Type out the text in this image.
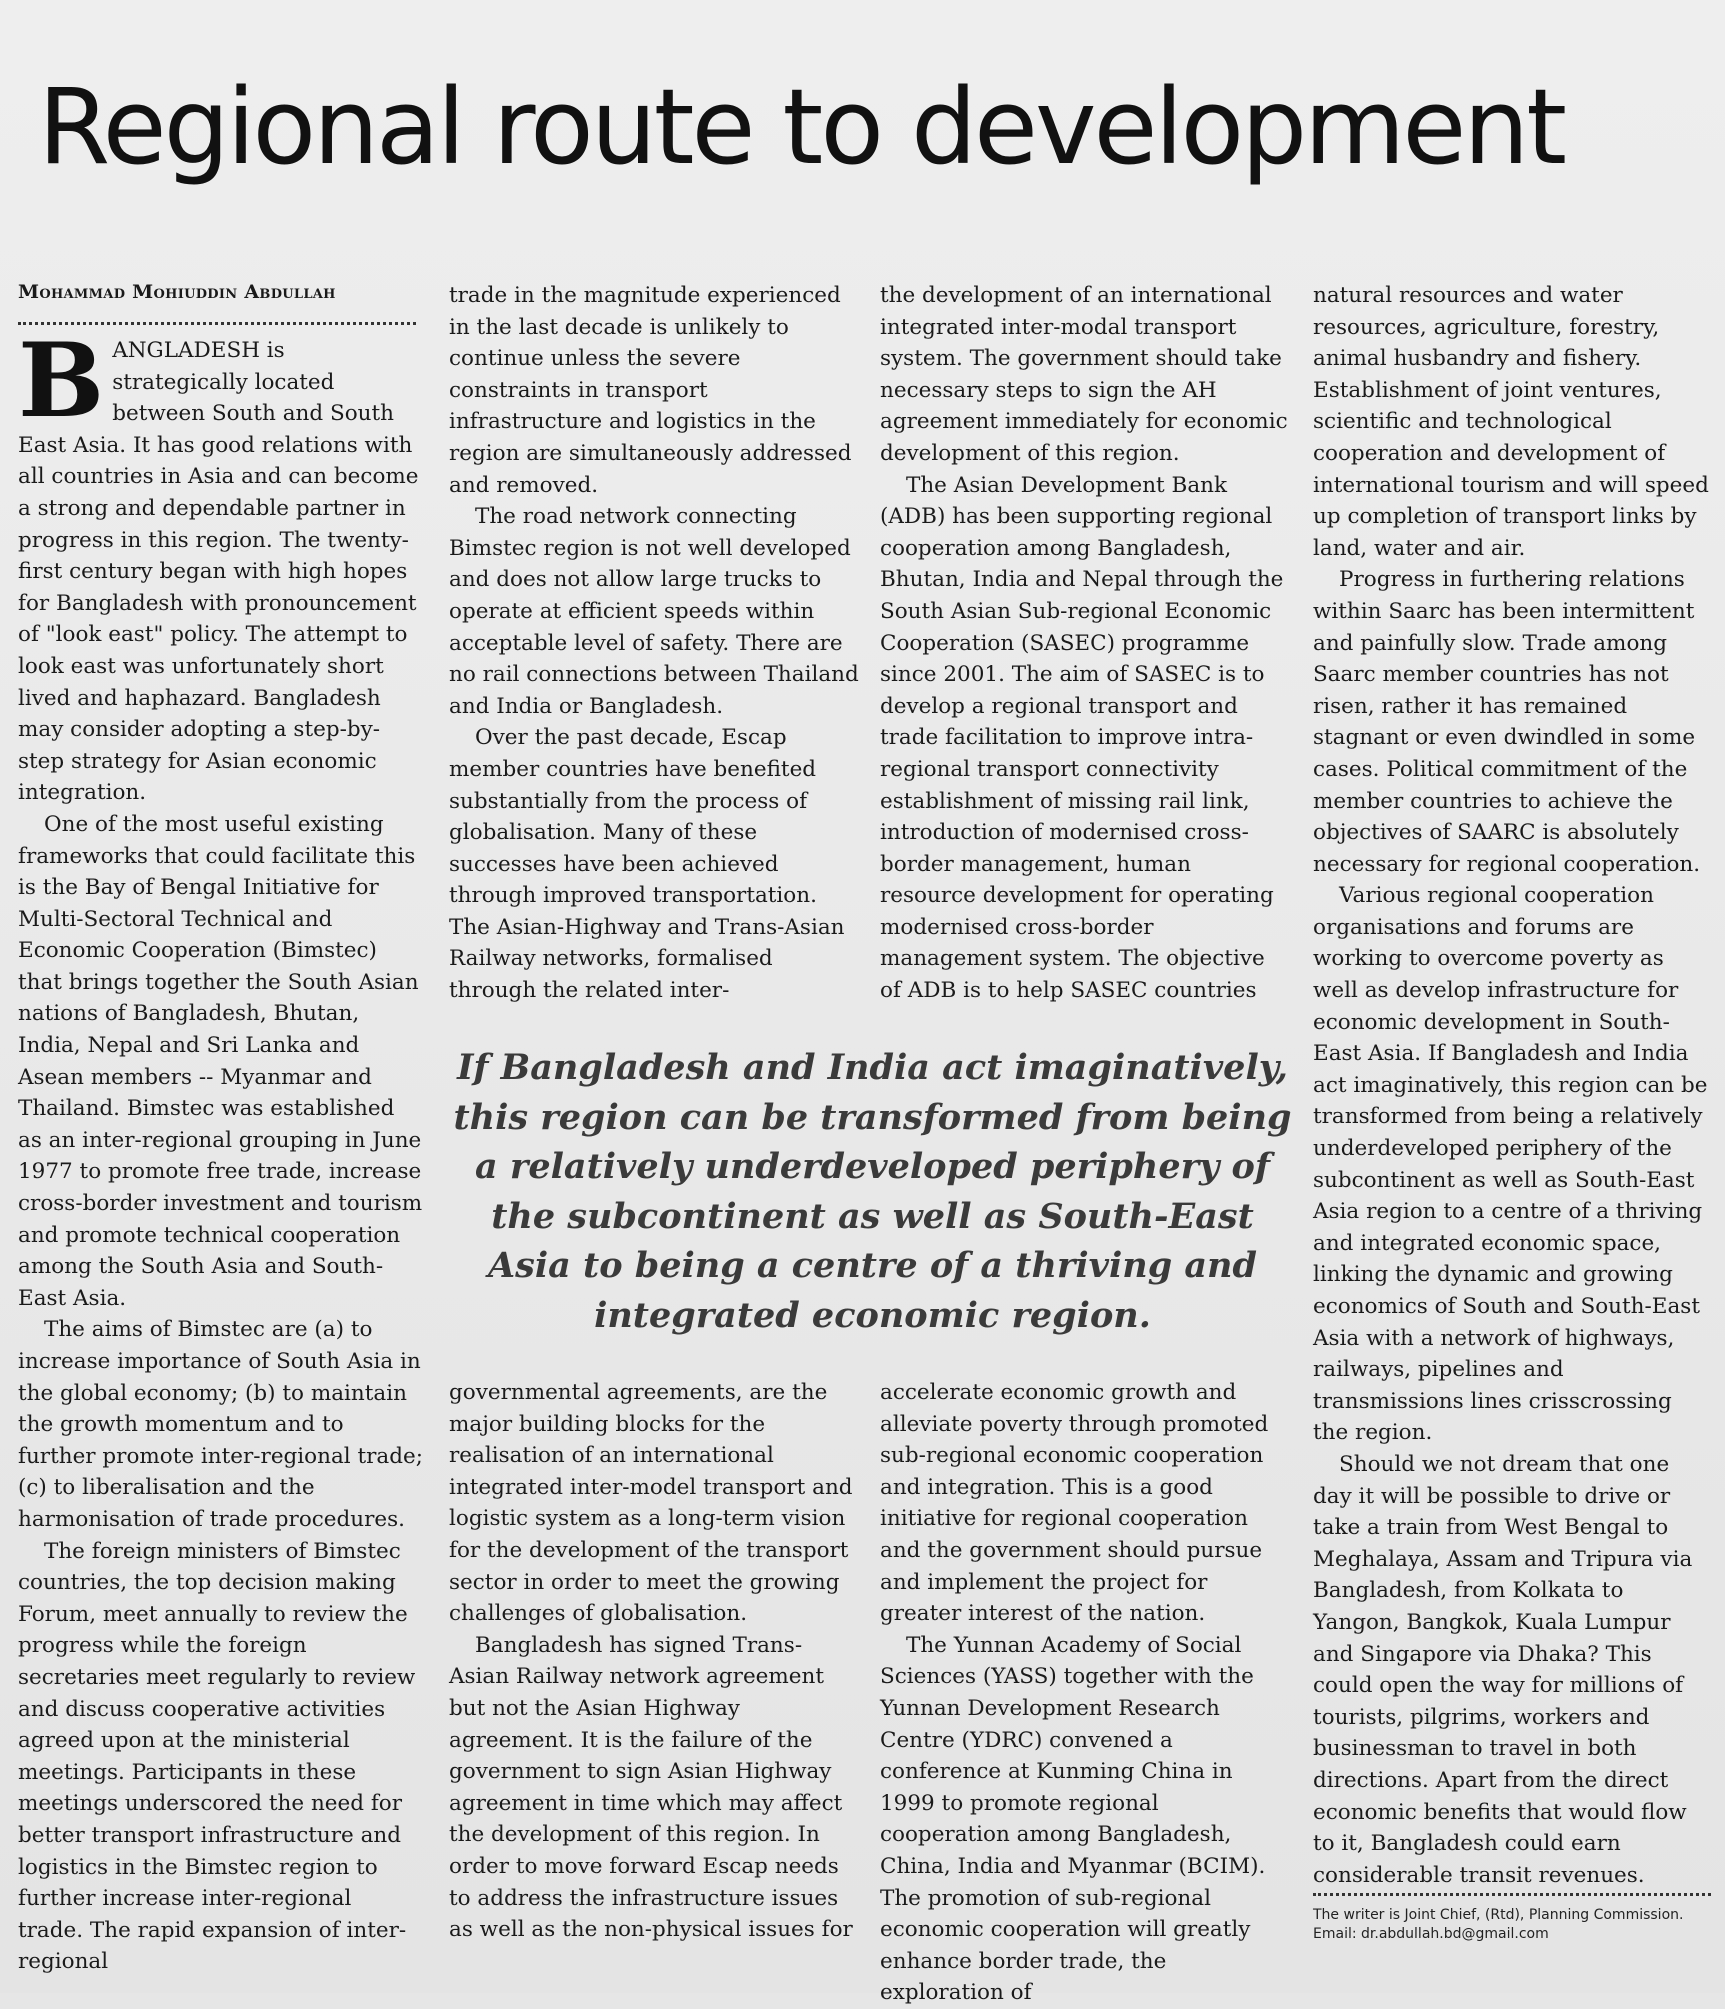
Regional route to development
Mohammad Mohiuddin Abdullah

BANGLADESH is strategically located between South and South East Asia. It has good relations with all countries in Asia and can become a strong and dependable partner in progress in this region. The twenty-first century began with high hopes for Bangladesh with pronouncement of "look east" policy. The attempt to look east was unfortunately short lived and haphazard. Bangladesh may consider adopting a step-by-step strategy for Asian economic integration.

One of the most useful existing frameworks that could facilitate this is the Bay of Bengal Initiative for Multi-Sectoral Technical and Economic Cooperation (Bimstec) that brings together the South Asian nations of Bangladesh, Bhutan, India, Nepal and Sri Lanka and Asean members -- Myanmar and Thailand. Bimstec was established as an inter-regional grouping in June 1977 to promote free trade, increase cross-border investment and tourism and promote technical cooperation among the South Asia and South-East Asia.

The aims of Bimstec are (a) to increase importance of South Asia in the global economy; (b) to maintain the growth momentum and to further promote inter-regional trade; (c) to liberalisation and the harmonisation of trade procedures.

The foreign ministers of Bimstec countries, the top decision making Forum, meet annually to review the progress while the foreign secretaries meet regularly to review and discuss cooperative activities agreed upon at the ministerial meetings. Participants in these meetings underscored the need for better transport infrastructure and logistics in the Bimstec region to further increase inter-regional trade. The rapid expansion of inter-regional

trade in the magnitude experienced in the last decade is unlikely to continue unless the severe constraints in transport infrastructure and logistics in the region are simultaneously addressed and removed.

The road network connecting Bimstec region is not well developed and does not allow large trucks to operate at efficient speeds within acceptable level of safety. There are no rail connections between Thailand and India or Bangladesh.

Over the past decade, Escap member countries have benefited substantially from the process of globalisation. Many of these successes have been achieved through improved transportation. The Asian-Highway and Trans-Asian Railway networks, formalised through the related inter-

the development of an international integrated inter-modal transport system. The government should take necessary steps to sign the AH agreement immediately for economic development of this region.

The Asian Development Bank (ADB) has been supporting regional cooperation among Bangladesh, Bhutan, India and Nepal through the South Asian Sub-regional Economic Cooperation (SASEC) programme since 2001. The aim of SASEC is to develop a regional transport and trade facilitation to improve intra-regional transport connectivity establishment of missing rail link, introduction of modernised cross-border management, human resource development for operating modernised cross-border management system. The objective of ADB is to help SASEC countries

If Bangladesh and India act imaginatively, this region can be transformed from being a relatively underdeveloped periphery of the subcontinent as well as South-East Asia to being a centre of a thriving and integrated economic region.

governmental agreements, are the major building blocks for the realisation of an international integrated inter-model transport and logistic system as a long-term vision for the development of the transport sector in order to meet the growing challenges of globalisation.

Bangladesh has signed Trans-Asian Railway network agreement but not the Asian Highway agreement. It is the failure of the government to sign Asian Highway agreement in time which may affect the development of this region. In order to move forward Escap needs to address the infrastructure issues as well as the non-physical issues for

accelerate economic growth and alleviate poverty through promoted sub-regional economic cooperation and integration. This is a good initiative for regional cooperation and the government should pursue and implement the project for greater interest of the nation.

The Yunnan Academy of Social Sciences (YASS) together with the Yunnan Development Research Centre (YDRC) convened a conference at Kunming China in 1999 to promote regional cooperation among Bangladesh, China, India and Myanmar (BCIM). The promotion of sub-regional economic cooperation will greatly enhance border trade, the exploration of

natural resources and water resources, agriculture, forestry, animal husbandry and fishery. Establishment of joint ventures, scientific and technological cooperation and development of international tourism and will speed up completion of transport links by land, water and air.

Progress in furthering relations within Saarc has been intermittent and painfully slow. Trade among Saarc member countries has not risen, rather it has remained stagnant or even dwindled in some cases. Political commitment of the member countries to achieve the objectives of SAARC is absolutely necessary for regional cooperation.

Various regional cooperation organisations and forums are working to overcome poverty as well as develop infrastructure for economic development in South-East Asia. If Bangladesh and India act imaginatively, this region can be transformed from being a relatively underdeveloped periphery of the subcontinent as well as South-East Asia region to a centre of a thriving and integrated economic space, linking the dynamic and growing economics of South and South-East Asia with a network of highways, railways, pipelines and transmissions lines crisscrossing the region.

Should we not dream that one day it will be possible to drive or take a train from West Bengal to Meghalaya, Assam and Tripura via Bangladesh, from Kolkata to Yangon, Bangkok, Kuala Lumpur and Singapore via Dhaka? This could open the way for millions of tourists, pilgrims, workers and businessman to travel in both directions. Apart from the direct economic benefits that would flow to it, Bangladesh could earn considerable transit revenues.

The writer is Joint Chief, (Rtd), Planning Commission.
Email: dr.abdullah.bd@gmail.com
